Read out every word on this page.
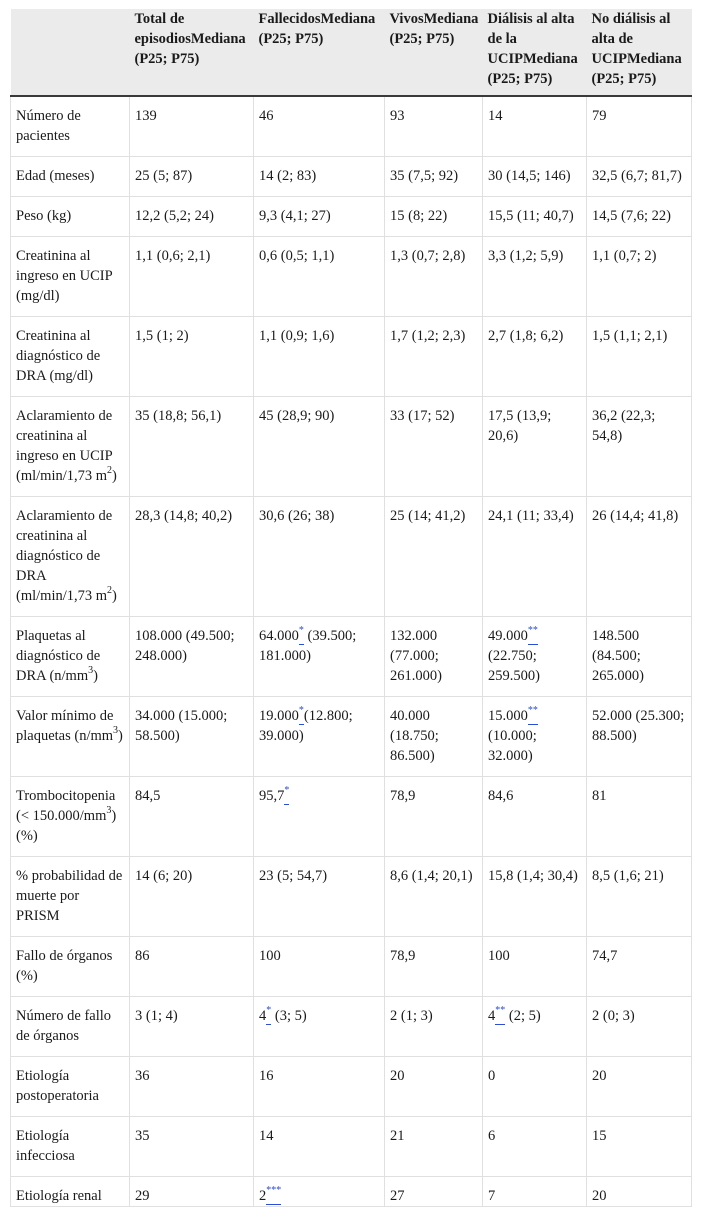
	Total de episodiosMediana (P25; P75)	FallecidosMediana (P25; P75)	VivosMediana (P25; P75)	Diálisis al alta de la UCIPMediana (P25; P75)	No diálisis al alta de UCIPMediana (P25; P75)
Número de pacientes	139	46	93	14	79
Edad (meses)	25 (5; 87)	14 (2; 83)	35 (7,5; 92)	30 (14,5; 146)	32,5 (6,7; 81,7)
Peso (kg)	12,2 (5,2; 24)	9,3 (4,1; 27)	15 (8; 22)	15,5 (11; 40,7)	14,5 (7,6; 22)
Creatinina al ingreso en UCIP (mg/dl)	1,1 (0,6; 2,1)	0,6 (0,5; 1,1)	1,3 (0,7; 2,8)	3,3 (1,2; 5,9)	1,1 (0,7; 2)
Creatinina al diagnóstico de DRA (mg/dl)	1,5 (1; 2)	1,1 (0,9; 1,6)	1,7 (1,2; 2,3)	2,7 (1,8; 6,2)	1,5 (1,1; 2,1)
Aclaramiento de creatinina al ingreso en UCIP (ml/min/1,73 $m^2$)	35 (18,8; 56,1)	45 (28,9; 90)	33 (17; 52)	17,5 (13,9; 20,6)	36,2 (22,3; 54,8)
Aclaramiento de creatinina al diagnóstico de DRA (ml/min/1,73 $m^2$)	28,3 (14,8; 40,2)	30,6 (26; 38)	25 (14; 41,2)	24,1 (11; 33,4)	26 (14,4; 41,8)
Plaquetas al diagnóstico de DRA $(n/mm^3)$	108.000 (49.500; 248.000)	64.000* (39.500; 181.000)	132.000 (77.000; 261.000)	49.000** (22.750; 259.500)	148.500 (84.500; 265.000)
Valor mínimo de plaquetas $(n/mm^3)$	34.000 (15.000; 58.500)	19.000*(12.800; 39.000)	40.000 (18.750; 86.500)	15.000** (10.000; 32.000)	52.000 (25.300; 88.500)
Trombocitopenia (< $150.000/mm^3$) (%)	84,5	95,7*	78,9	84,6	81
% probabilidad de muerte por PRISM	14 (6; 20)	23 (5; 54,7)	8,6 (1,4; 20,1)	15,8 (1,4; 30,4)	8,5 (1,6; 21)
Fallo de órganos (%)	86	100	78,9	100	74,7
Número de fallo de órganos	3 (1; 4)	4* (3; 5)	2 (1; 3)	4** (2; 5)	2 (0; 3)
Etiología postoperatoria	36	16	20	0	20
Etiología infecciosa	35	14	21	6	15
Etiología renal	29	2***	27	7	20
